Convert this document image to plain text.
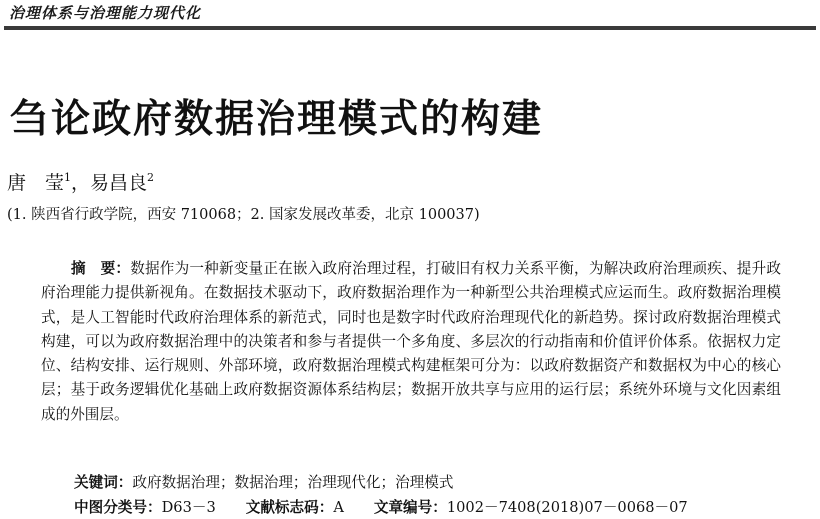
治理体系与治理能力现代化
刍论政府数据治理模式的构建
唐　莹$^1$，易昌良$^2$
(1. 陕西省行政学院，西安 710068；2. 国家发展改革委，北京 100037)

摘　要：数据作为一种新变量正在嵌入政府治理过程，打破旧有权力关系平衡，为解决政府治理顽疾、提升政府治理能力提供新视角。在数据技术驱动下，政府数据治理作为一种新型公共治理模式应运而生。政府数据治理模式，是人工智能时代政府治理体系的新范式，同时也是数字时代政府治理现代化的新趋势。探讨政府数据治理模式构建，可以为政府数据治理中的决策者和参与者提供一个多角度、多层次的行动指南和价值评价体系。依据权力定位、结构安排、运行规则、外部环境，政府数据治理模式构建框架可分为：以政府数据资产和数据权为中心的核心层；基于政务逻辑优化基础上政府数据资源体系结构层；数据开放共享与应用的运行层；系统外环境与文化因素组成的外围层。

关键词：政府数据治理；数据治理；治理现代化；治理模式
中图分类号：D63－3 文献标志码：A 文章编号：1002－7408(2018)07－0068－07
